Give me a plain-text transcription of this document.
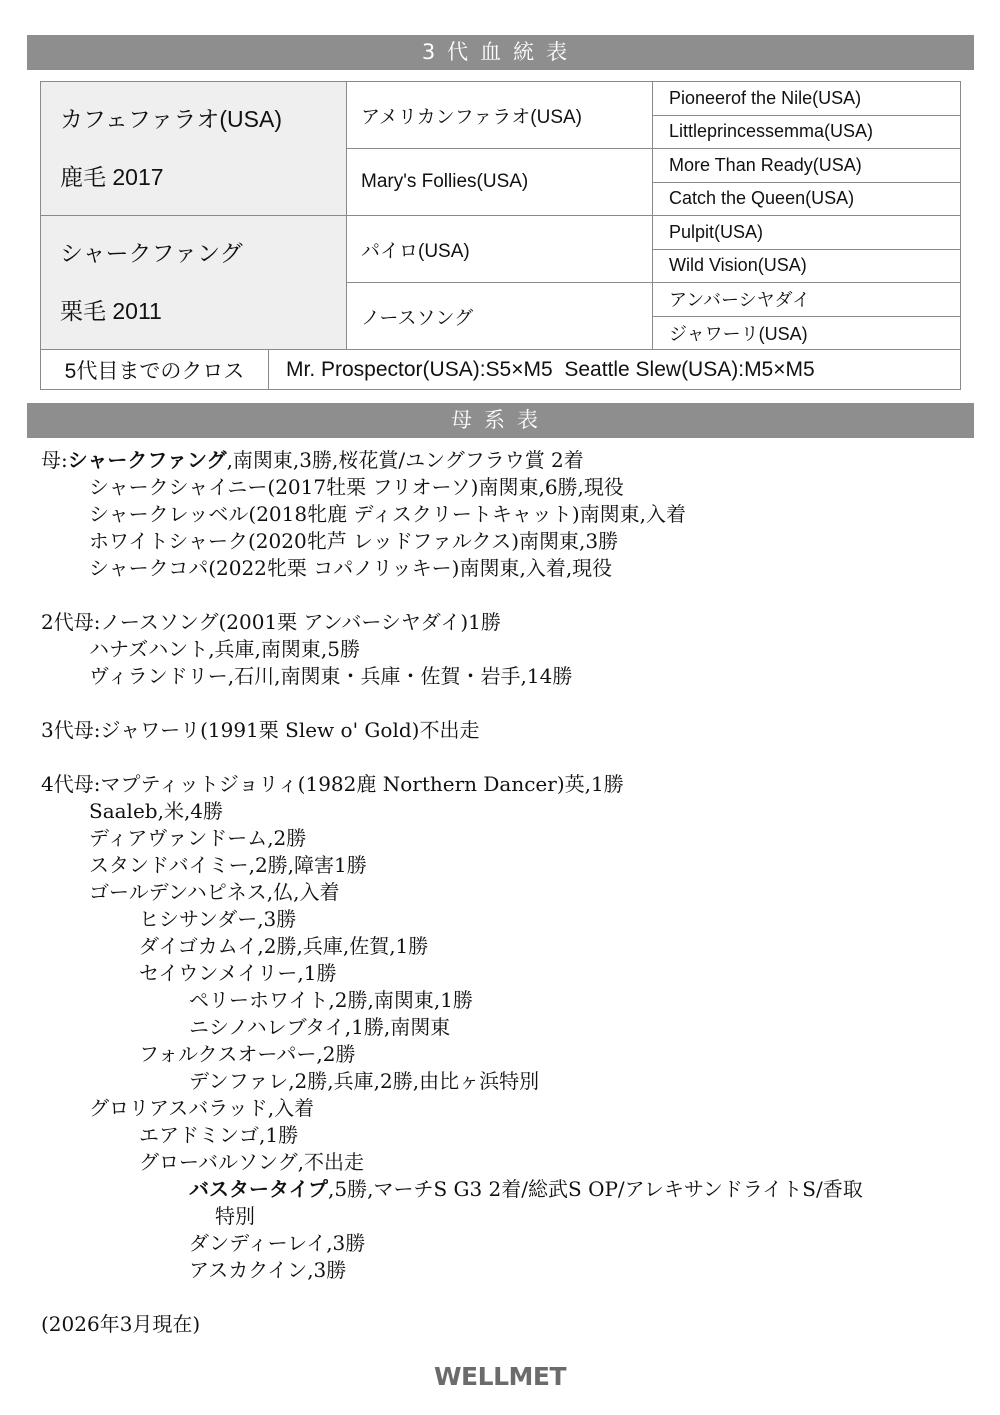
3代血統表

カフェファラオ(USA)

鹿毛 2017

シャークファング

栗毛 2011

アメリカンファラオ(USA)
Mary's Follies(USA)
パイロ(USA)
ノースソング
Pioneerof the Nile(USA)
Littleprincessemma(USA)
More Than Ready(USA)
Catch the Queen(USA)
Pulpit(USA)
Wild Vision(USA)
アンバーシヤダイ
ジャワーリ(USA)
5代目までのクロス	Mr. Prospector(USA):S5×M5  Seattle Slew(USA):M5×M5
母系表
母:シャークファング,南関東,3勝,桜花賞/ユングフラウ賞 2着
シャークシャイニー(2017牡栗 フリオーソ)南関東,6勝,現役
シャークレッベル(2018牝鹿 ディスクリートキャット)南関東,入着
ホワイトシャーク(2020牝芦 レッドファルクス)南関東,3勝
シャークコパ(2022牝栗 コパノリッキー)南関東,入着,現役
2代母:ノースソング(2001栗 アンバーシヤダイ)1勝
ハナズハント,兵庫,南関東,5勝
ヴィランドリー,石川,南関東・兵庫・佐賀・岩手,14勝
3代母:ジャワーリ(1991栗 Slew o' Gold)不出走
4代母:マプティットジョリィ(1982鹿 Northern Dancer)英,1勝
Saaleb,米,4勝
ディアヴァンドーム,2勝
スタンドバイミー,2勝,障害1勝
ゴールデンハピネス,仏,入着
ヒシサンダー,3勝
ダイゴカムイ,2勝,兵庫,佐賀,1勝
セイウンメイリー,1勝
ペリーホワイト,2勝,南関東,1勝
ニシノハレブタイ,1勝,南関東
フォルクスオーパー,2勝
デンファレ,2勝,兵庫,2勝,由比ヶ浜特別
グロリアスバラッド,入着
エアドミンゴ,1勝
グローバルソング,不出走
バスタータイプ,5勝,マーチS G3 2着/総武S OP/アレキサンドライトS/香取
特別
ダンディーレイ,3勝
アスカクイン,3勝
(2026年3月現在)
WELLMET
